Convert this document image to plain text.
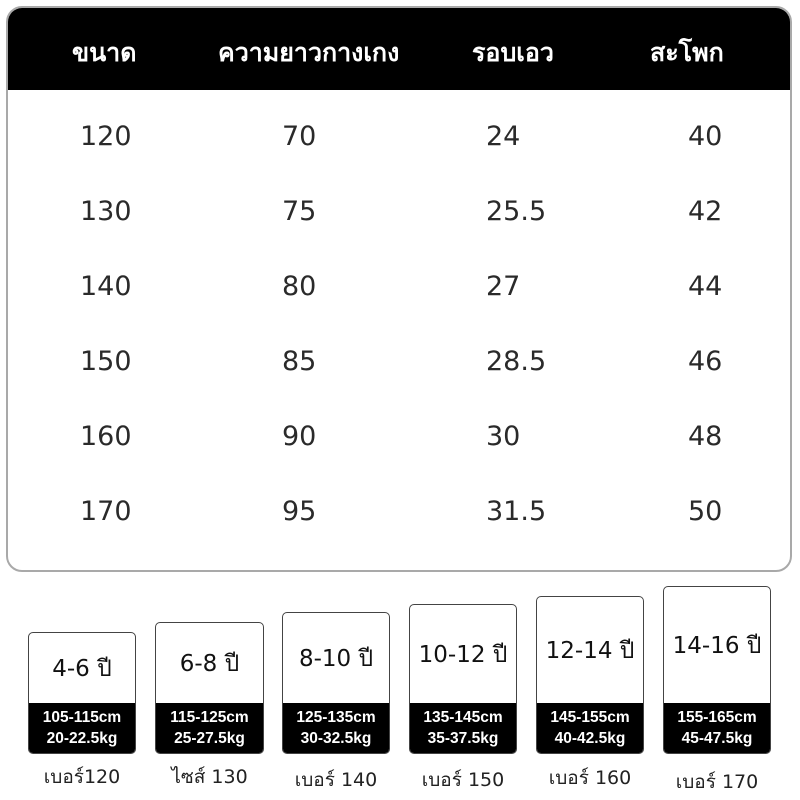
ขนาด	ความยาวกางเกง	รอบเอว	สะโพก
120	70	24	40
130	75	25.5	42
140	80	27	44
150	85	28.5	46
160	90	30	48
170	95	31.5	50
4-6 ปี
105-115cm
20-22.5kg
เบอร์120
6-8 ปี
115-125cm
25-27.5kg
ไซส์ 130
8-10 ปี
125-135cm
30-32.5kg
เบอร์ 140
10-12 ปี
135-145cm
35-37.5kg
เบอร์ 150
12-14 ปี
145-155cm
40-42.5kg
เบอร์ 160
14-16 ปี
155-165cm
45-47.5kg
เบอร์ 170
